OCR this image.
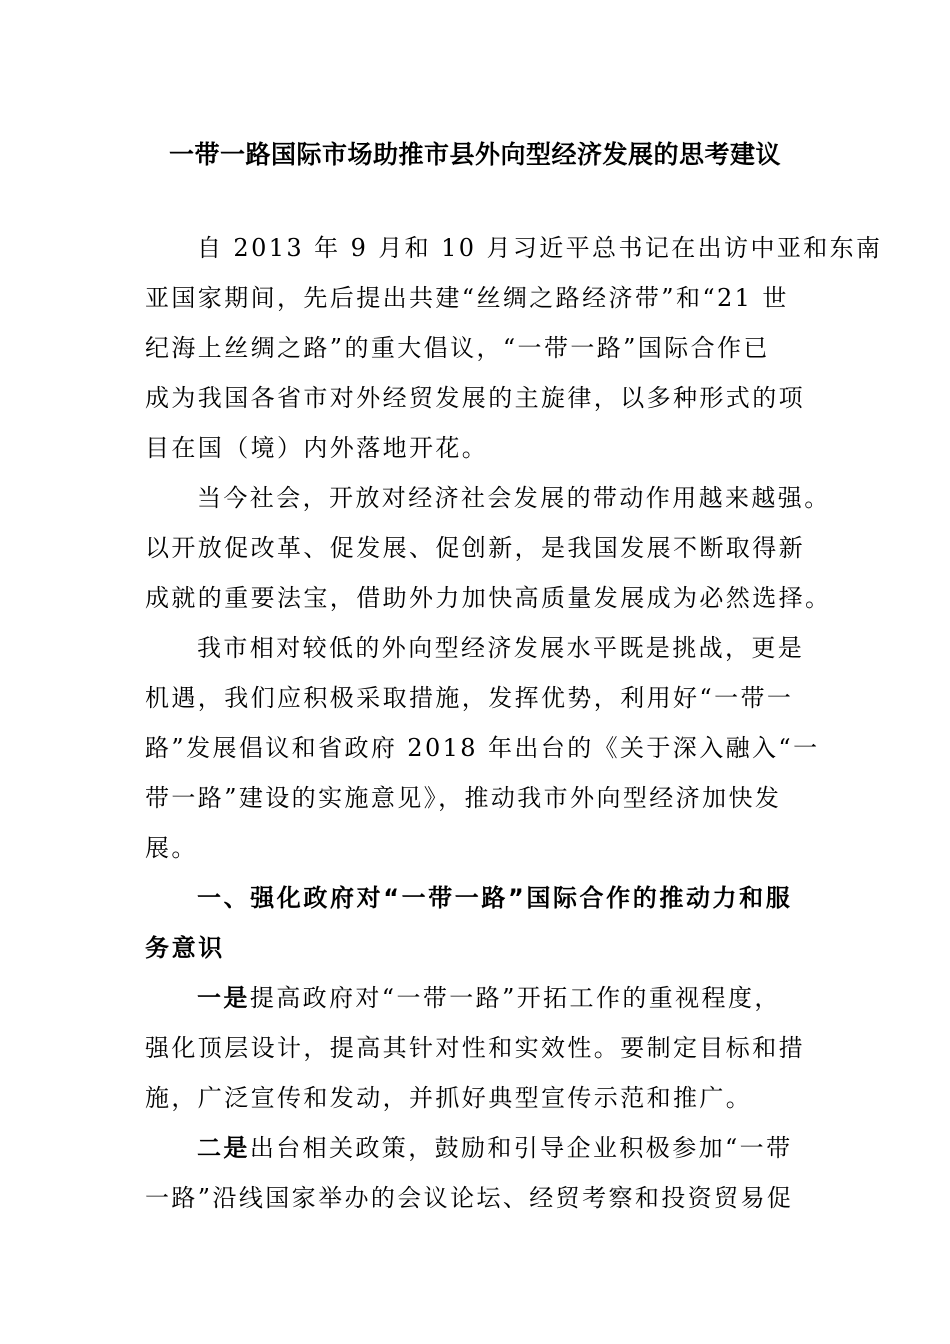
一带一路国际市场助推市县外向型经济发展的思考建议
自 2013 年 9 月和 10 月习近平总书记在出访中亚和东南
亚国家期间，先后提出共建“丝绸之路经济带”和“21 世
纪海上丝绸之路”的重大倡议，“一带一路”国际合作已
成为我国各省市对外经贸发展的主旋律，以多种形式的项
目在国（境）内外落地开花。
当今社会，开放对经济社会发展的带动作用越来越强。
以开放促改革、促发展、促创新，是我国发展不断取得新
成就的重要法宝，借助外力加快高质量发展成为必然选择。
我市相对较低的外向型经济发展水平既是挑战，更是
机遇，我们应积极采取措施，发挥优势，利用好“一带一
路”发展倡议和省政府 2018 年出台的《关于深入融入“一
带一路”建设的实施意见》，推动我市外向型经济加快发
展。
一、强化政府对“一带一路”国际合作的推动力和服
务意识
一是提高政府对“一带一路”开拓工作的重视程度，
强化顶层设计，提高其针对性和实效性。要制定目标和措
施，广泛宣传和发动，并抓好典型宣传示范和推广。
二是出台相关政策，鼓励和引导企业积极参加“一带
一路”沿线国家举办的会议论坛、经贸考察和投资贸易促
